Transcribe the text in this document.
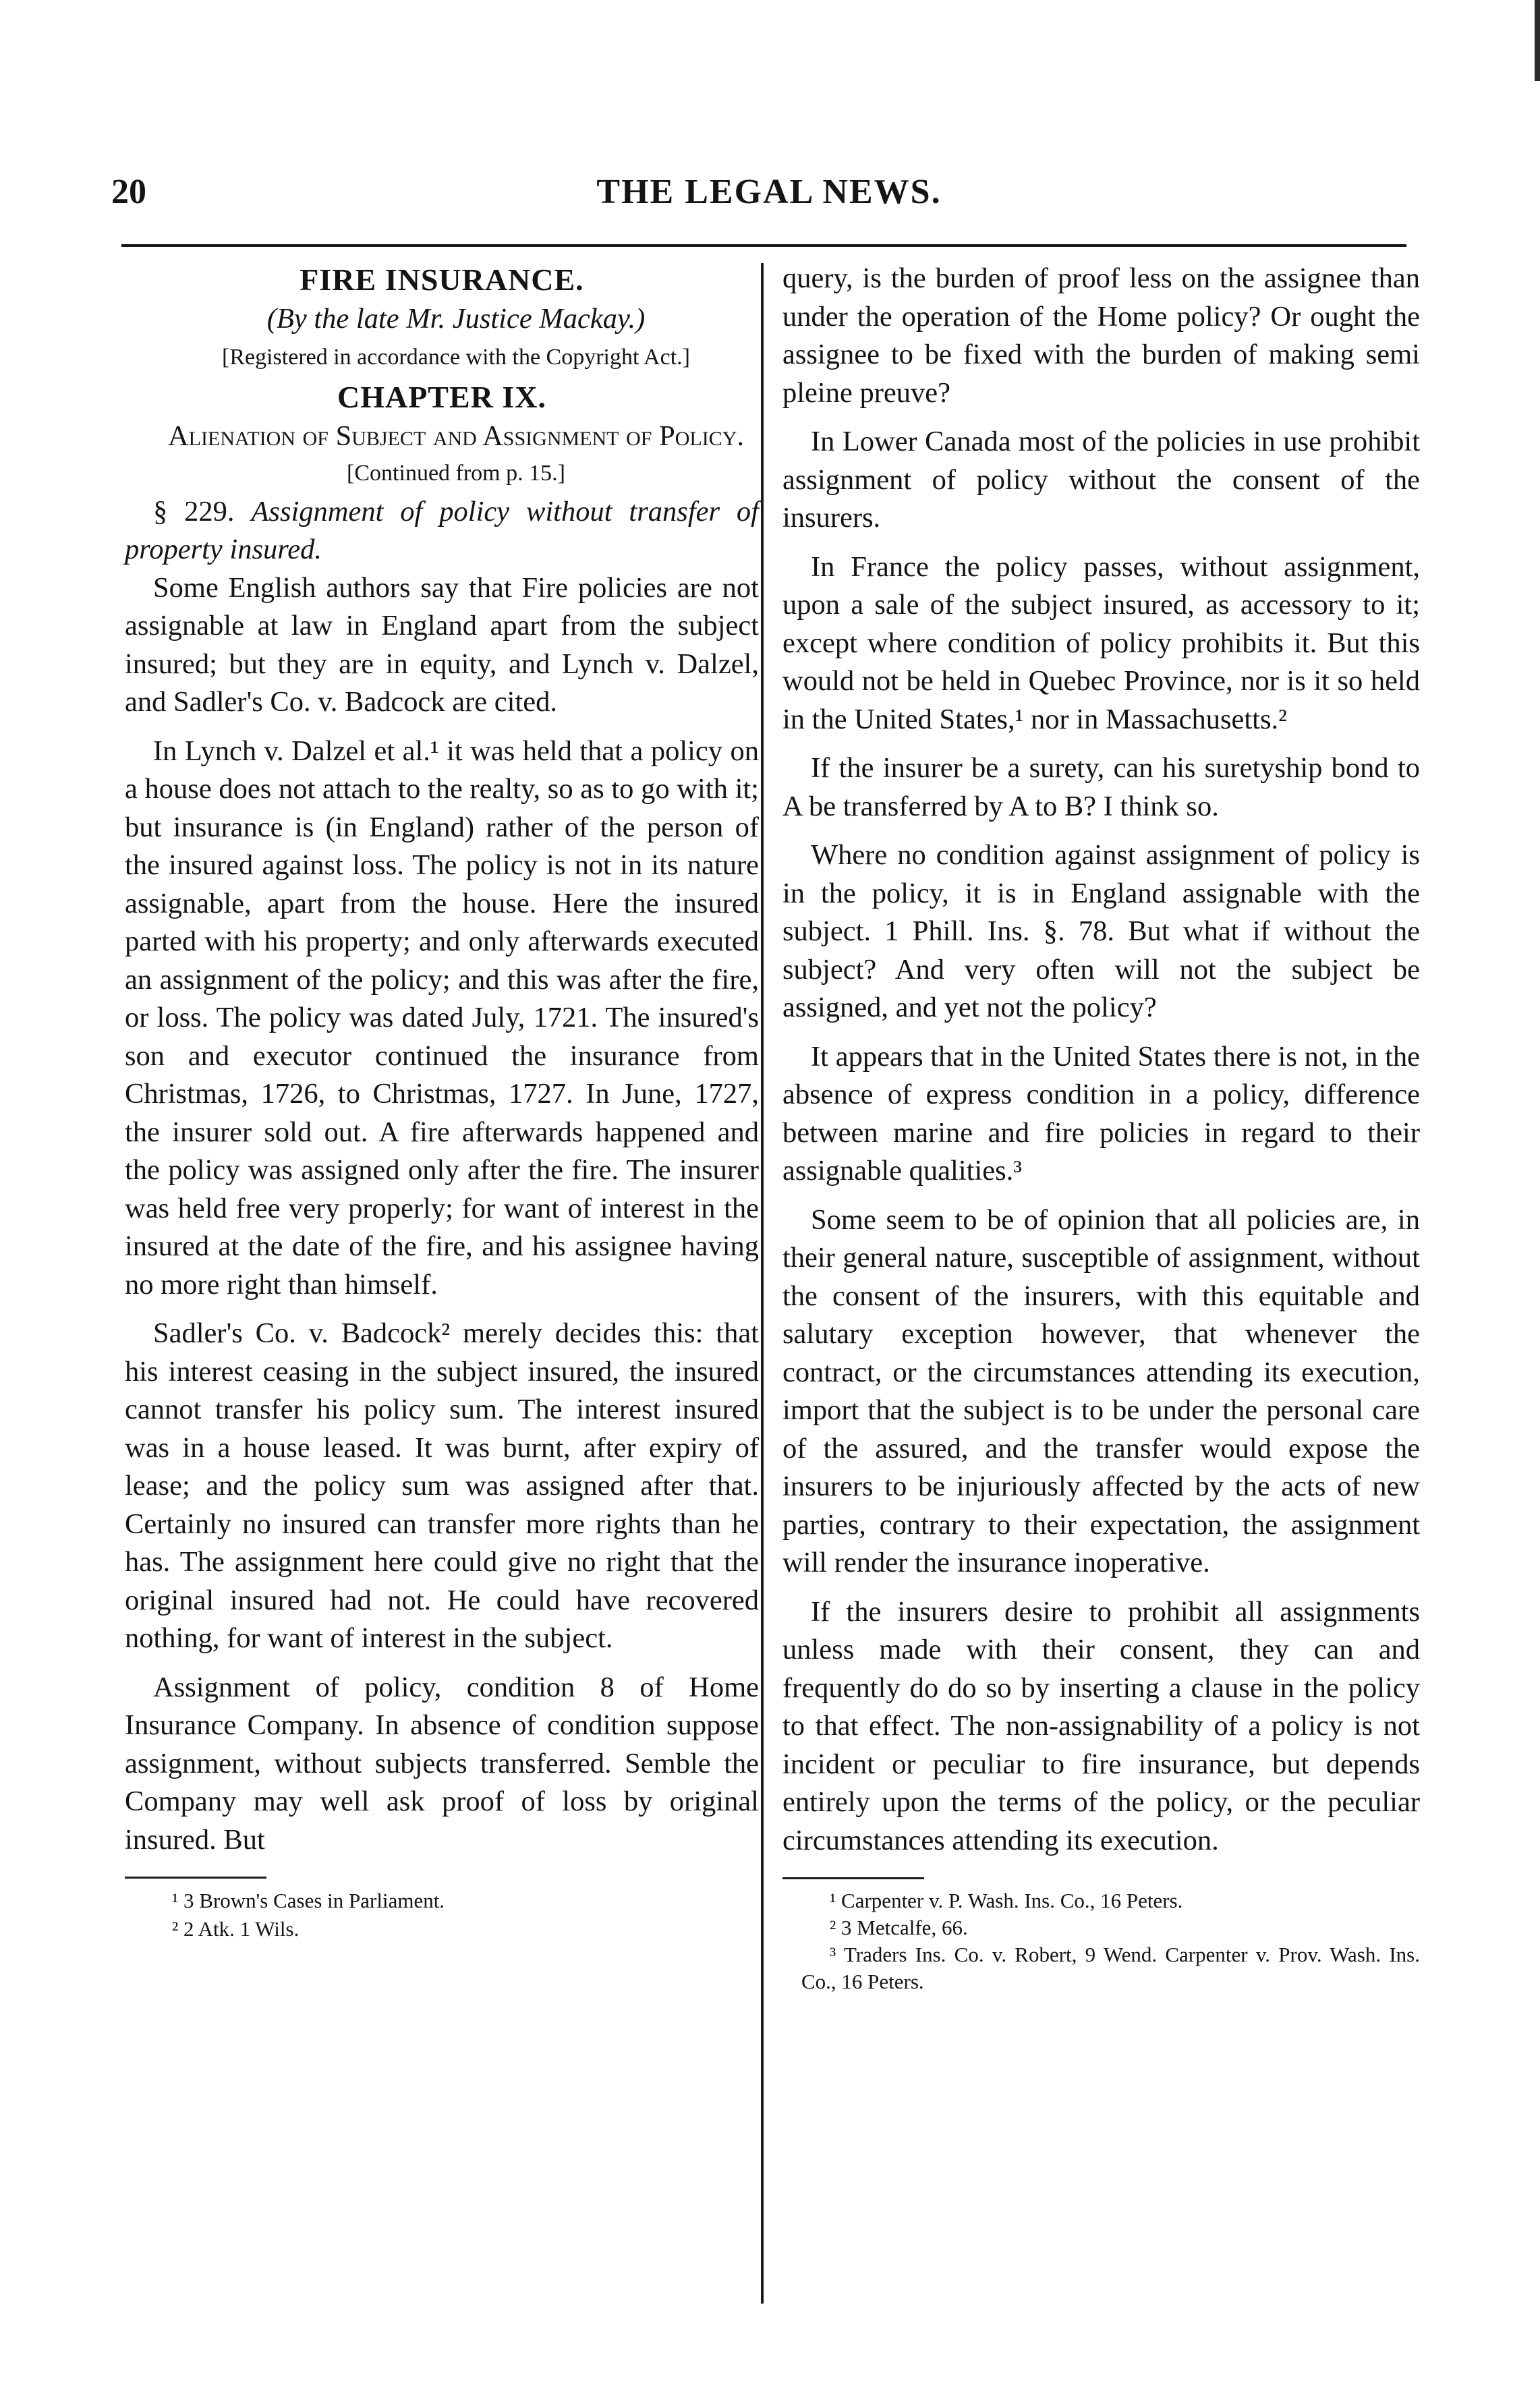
20	THE LEGAL NEWS.
FIRE INSURANCE.

(By the late Mr. Justice Mackay.)

[Registered in accordance with the Copyright Act.]

CHAPTER IX.

Alienation of Subject and Assignment of Policy.

[Continued from p. 15.]

§ 229. Assignment of policy without transfer of property insured.

Some English authors say that Fire policies are not assignable at law in England apart from the subject insured; but they are in equity, and Lynch v. Dalzel, and Sadler's Co. v. Badcock are cited.

In Lynch v. Dalzel et al.¹ it was held that a policy on a house does not attach to the realty, so as to go with it; but insurance is (in England) rather of the person of the insured against loss. The policy is not in its nature assignable, apart from the house. Here the insured parted with his property; and only afterwards executed an assignment of the policy; and this was after the fire, or loss. The policy was dated July, 1721. The insured's son and executor continued the insurance from Christmas, 1726, to Christmas, 1727. In June, 1727, the insurer sold out. A fire afterwards happened and the policy was assigned only after the fire. The insurer was held free very properly; for want of interest in the insured at the date of the fire, and his assignee having no more right than himself.

Sadler's Co. v. Badcock² merely decides this: that his interest ceasing in the subject insured, the insured cannot transfer his policy sum. The interest insured was in a house leased. It was burnt, after expiry of lease; and the policy sum was assigned after that. Certainly no insured can transfer more rights than he has. The assignment here could give no right that the original insured had not. He could have recovered nothing, for want of interest in the subject.

Assignment of policy, condition 8 of Home Insurance Company. In absence of condition suppose assignment, without subjects transferred. Semble the Company may well ask proof of loss by original insured. But

¹ 3 Brown's Cases in Parliament.

² 2 Atk. 1 Wils.

query, is the burden of proof less on the assignee than under the operation of the Home policy? Or ought the assignee to be fixed with the burden of making semi pleine preuve?

In Lower Canada most of the policies in use prohibit assignment of policy without the consent of the insurers.

In France the policy passes, without assignment, upon a sale of the subject insured, as accessory to it; except where condition of policy prohibits it. But this would not be held in Quebec Province, nor is it so held in the United States,¹ nor in Massachusetts.²

If the insurer be a surety, can his suretyship bond to A be transferred by A to B? I think so.

Where no condition against assignment of policy is in the policy, it is in England assignable with the subject. 1 Phill. Ins. §. 78. But what if without the subject? And very often will not the subject be assigned, and yet not the policy?

It appears that in the United States there is not, in the absence of express condition in a policy, difference between marine and fire policies in regard to their assignable qualities.³

Some seem to be of opinion that all policies are, in their general nature, susceptible of assignment, without the consent of the insurers, with this equitable and salutary exception however, that whenever the contract, or the circumstances attending its execution, import that the subject is to be under the personal care of the assured, and the transfer would expose the insurers to be injuriously affected by the acts of new parties, contrary to their expectation, the assignment will render the insurance inoperative.

If the insurers desire to prohibit all assignments unless made with their consent, they can and frequently do do so by inserting a clause in the policy to that effect. The non-assignability of a policy is not incident or peculiar to fire insurance, but depends entirely upon the terms of the policy, or the peculiar circumstances attending its execution.

¹ Carpenter v. P. Wash. Ins. Co., 16 Peters.

² 3 Metcalfe, 66.

³ Traders Ins. Co. v. Robert, 9 Wend. Carpenter v. Prov. Wash. Ins. Co., 16 Peters.
